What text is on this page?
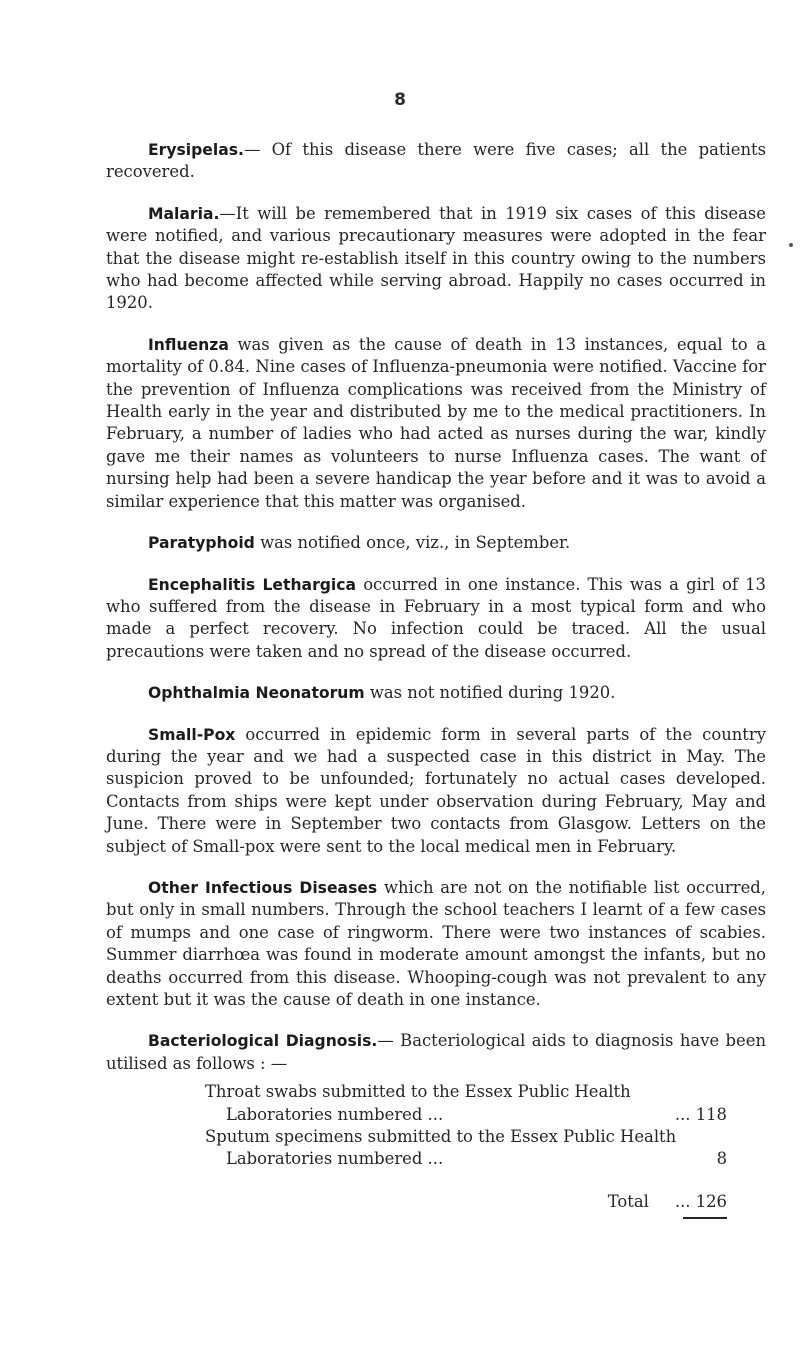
8

Erysipelas.— Of this disease there were five cases; all the patients recovered.

Malaria.—It will be remembered that in 1919 six cases of this disease were notified, and various precautionary measures were adopted in the fear that the disease might re-establish itself in this country owing to the numbers who had become affected while serving abroad. Happily no cases occurred in 1920.

Influenza was given as the cause of death in 13 instances, equal to a mortality of 0.84. Nine cases of Influenza-pneumonia were notified. Vaccine for the prevention of Influenza complications was received from the Ministry of Health early in the year and distributed by me to the medical practitioners. In February, a number of ladies who had acted as nurses during the war, kindly gave me their names as volunteers to nurse Influenza cases. The want of nursing help had been a severe handicap the year before and it was to avoid a similar experience that this matter was organised.

Paratyphoid was notified once, viz., in September.

Encephalitis Lethargica occurred in one instance. This was a girl of 13 who suffered from the disease in February in a most typical form and who made a perfect recovery. No infection could be traced. All the usual precautions were taken and no spread of the disease occurred.

Ophthalmia Neonatorum was not notified during 1920.

Small-Pox occurred in epidemic form in several parts of the country during the year and we had a suspected case in this district in May. The suspicion proved to be unfounded; fortunately no actual cases developed. Contacts from ships were kept under observation during February, May and June. There were in September two contacts from Glasgow. Letters on the subject of Small-pox were sent to the local medical men in February.

Other Infectious Diseases which are not on the notifiable list occurred, but only in small numbers. Through the school teachers I learnt of a few cases of mumps and one case of ringworm. There were two instances of scabies. Summer diarrhœa was found in moderate amount amongst the infants, but no deaths occurred from this disease. Whooping-cough was not prevalent to any extent but it was the cause of death in one instance.

Bacteriological Diagnosis.— Bacteriological aids to diagnosis have been utilised as follows : —

Throat swabs submitted to the Essex Public Health Laboratories numbered ...	... 118
Sputum specimens submitted to the Essex Public Health Laboratories numbered ...	8
Total ... 126
